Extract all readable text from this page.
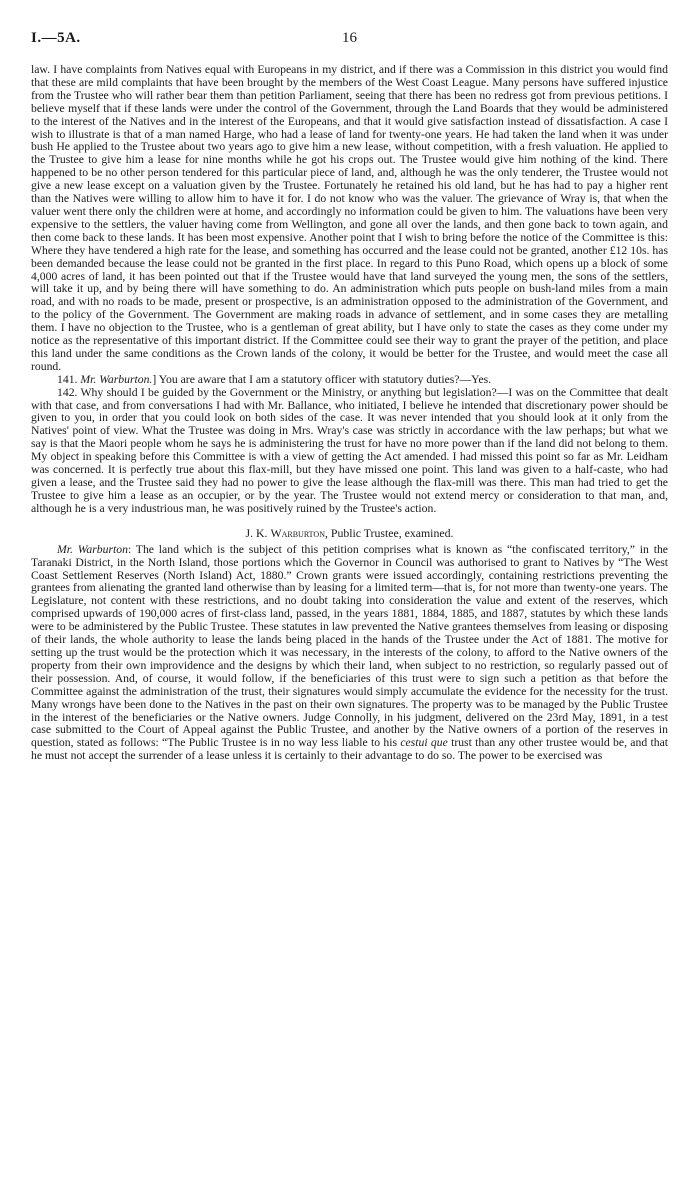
I.—5A.	16

law. I have complaints from Natives equal with Europeans in my district, and if there was a Commission in this district you would find that these are mild complaints that have been brought by the members of the West Coast League. Many persons have suffered injustice from the Trustee who will rather bear them than petition Parliament, seeing that there has been no redress got from previous petitions. I believe myself that if these lands were under the control of the Government, through the Land Boards that they would be administered to the interest of the Natives and in the interest of the Europeans, and that it would give satisfaction instead of dissatisfaction. A case I wish to illustrate is that of a man named Harge, who had a lease of land for twenty-one years. He had taken the land when it was under bush He applied to the Trustee about two years ago to give him a new lease, without competition, with a fresh valuation. He applied to the Trustee to give him a lease for nine months while he got his crops out. The Trustee would give him nothing of the kind. There happened to be no other person tendered for this particular piece of land, and, although he was the only tenderer, the Trustee would not give a new lease except on a valuation given by the Trustee. Fortunately he retained his old land, but he has had to pay a higher rent than the Natives were willing to allow him to have it for. I do not know who was the valuer. The grievance of Wray is, that when the valuer went there only the children were at home, and accordingly no information could be given to him. The valuations have been very expensive to the settlers, the valuer having come from Wellington, and gone all over the lands, and then gone back to town again, and then come back to these lands. It has been most expensive. Another point that I wish to bring before the notice of the Committee is this: Where they have tendered a high rate for the lease, and something has occurred and the lease could not be granted, another £12 10s. has been demanded because the lease could not be granted in the first place. In regard to this Puno Road, which opens up a block of some 4,000 acres of land, it has been pointed out that if the Trustee would have that land surveyed the young men, the sons of the settlers, will take it up, and by being there will have something to do. An administration which puts people on bush-land miles from a main road, and with no roads to be made, present or prospective, is an administration opposed to the administration of the Government, and to the policy of the Government. The Government are making roads in advance of settlement, and in some cases they are metalling them. I have no objection to the Trustee, who is a gentleman of great ability, but I have only to state the cases as they come under my notice as the representative of this important district. If the Committee could see their way to grant the prayer of the petition, and place this land under the same conditions as the Crown lands of the colony, it would be better for the Trustee, and would meet the case all round.

141. Mr. Warburton.] You are aware that I am a statutory officer with statutory duties?—Yes.

142. Why should I be guided by the Government or the Ministry, or anything but legislation?—I was on the Committee that dealt with that case, and from conversations I had with Mr. Ballance, who initiated, I believe he intended that discretionary power should be given to you, in order that you could look on both sides of the case. It was never intended that you should look at it only from the Natives' point of view. What the Trustee was doing in Mrs. Wray's case was strictly in accordance with the law perhaps; but what we say is that the Maori people whom he says he is administering the trust for have no more power than if the land did not belong to them. My object in speaking before this Committee is with a view of getting the Act amended. I had missed this point so far as Mr. Leidham was concerned. It is perfectly true about this flax-mill, but they have missed one point. This land was given to a half-caste, who had given a lease, and the Trustee said they had no power to give the lease although the flax-mill was there. This man had tried to get the Trustee to give him a lease as an occupier, or by the year. The Trustee would not extend mercy or consideration to that man, and, although he is a very industrious man, he was positively ruined by the Trustee's action.

J. K. Warburton, Public Trustee, examined.

Mr. Warburton: The land which is the subject of this petition comprises what is known as “the confiscated territory,” in the Taranaki District, in the North Island, those portions which the Governor in Council was authorised to grant to Natives by “The West Coast Settlement Reserves (North Island) Act, 1880.” Crown grants were issued accordingly, containing restrictions preventing the grantees from alienating the granted land otherwise than by leasing for a limited term—that is, for not more than twenty-one years. The Legislature, not content with these restrictions, and no doubt taking into consideration the value and extent of the reserves, which comprised upwards of 190,000 acres of first-class land, passed, in the years 1881, 1884, 1885, and 1887, statutes by which these lands were to be administered by the Public Trustee. These statutes in law prevented the Native grantees themselves from leasing or disposing of their lands, the whole authority to lease the lands being placed in the hands of the Trustee under the Act of 1881. The motive for setting up the trust would be the protection which it was necessary, in the interests of the colony, to afford to the Native owners of the property from their own improvidence and the designs by which their land, when subject to no restriction, so regularly passed out of their possession. And, of course, it would follow, if the beneficiaries of this trust were to sign such a petition as that before the Committee against the administration of the trust, their signatures would simply accumulate the evidence for the necessity for the trust. Many wrongs have been done to the Natives in the past on their own signatures. The property was to be managed by the Public Trustee in the interest of the beneficiaries or the Native owners. Judge Connolly, in his judgment, delivered on the 23rd May, 1891, in a test case submitted to the Court of Appeal against the Public Trustee, and another by the Native owners of a portion of the reserves in question, stated as follows: “The Public Trustee is in no way less liable to his cestui que trust than any other trustee would be, and that he must not accept the surrender of a lease unless it is certainly to their advantage to do so. The power to be exercised was
